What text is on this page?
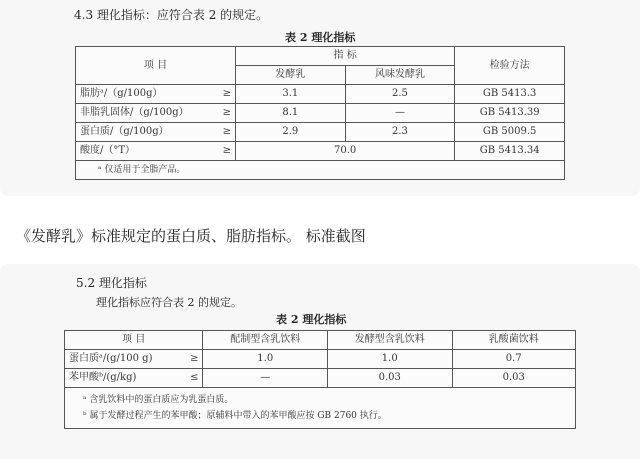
4.3 理化指标：应符合表 2 的规定。
表 2 理化指标
项 目	指 标		检验方法
	发酵乳	风味发酵乳	
脂肪ᵃ/（g/100g） ≥	3.1	2.5	GB 5413.3
非脂乳固体/（g/100g） ≥	8.1	—	GB 5413.39
蛋白质/（g/100g） ≥	2.9	2.3	GB 5009.5
酸度/（°T） ≥	70.0		GB 5413.34
ᵃ 仅适用于全脂产品。			
《发酵乳》标准规定的蛋白质、脂肪指标。 标准截图
5.2 理化指标
理化指标应符合表 2 的规定。
表 2 理化指标
项 目	配制型含乳饮料	发酵型含乳饮料	乳酸菌饮料
蛋白质ᵃ/(g/100 g) ≥	1.0	1.0	0.7
苯甲酸ᵇ/(g/kg) ≤	—	0.03	0.03

ᵃ 含乳饮料中的蛋白质应为乳蛋白质。
ᵇ 属于发酵过程产生的苯甲酸；原辅料中带入的苯甲酸应按 GB 2760 执行。			
